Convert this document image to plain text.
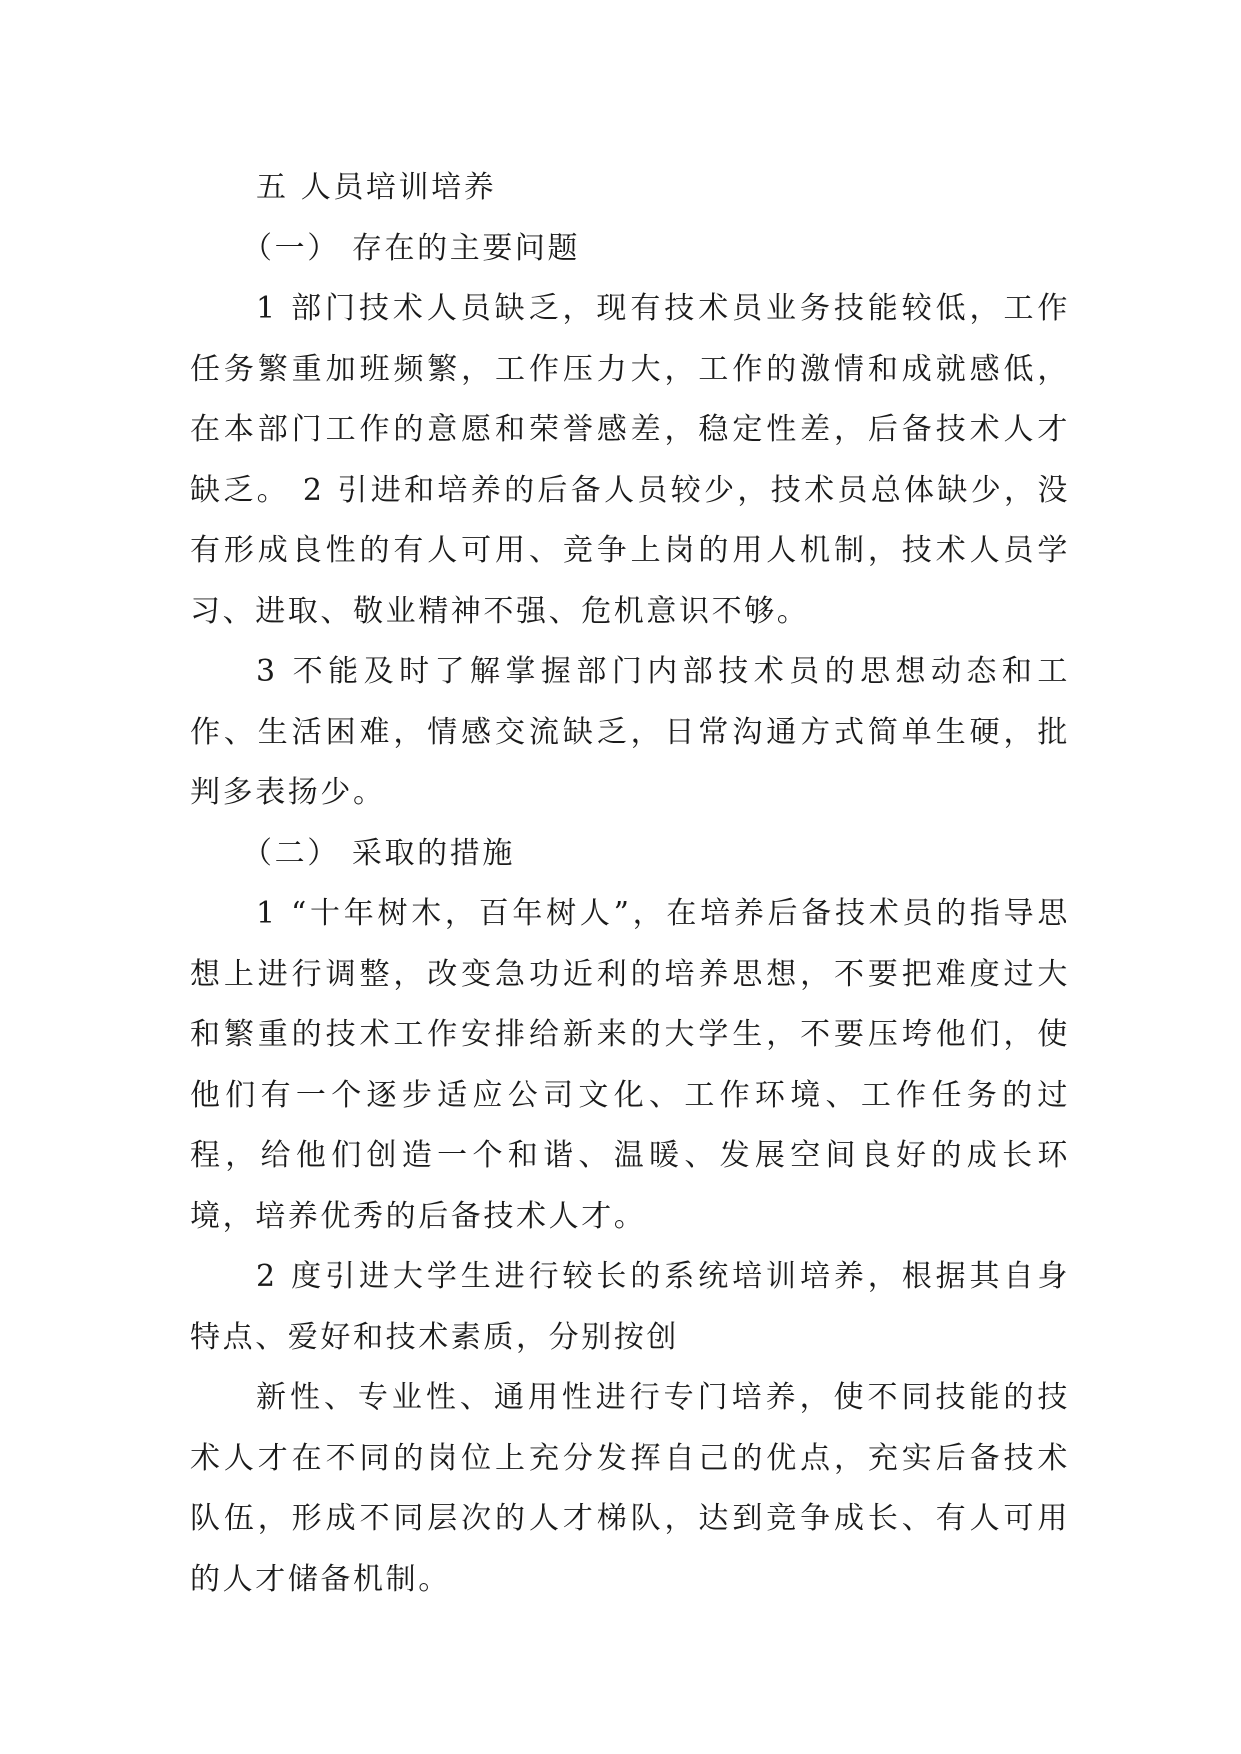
五 人员培训培养

（一） 存在的主要问题

1 部门技术人员缺乏，现有技术员业务技能较低，工作任务繁重加班频繁，工作压力大，工作的激情和成就感低，在本部门工作的意愿和荣誉感差，稳定性差，后备技术人才缺乏。 2 引进和培养的后备人员较少，技术员总体缺少，没有形成良性的有人可用、竞争上岗的用人机制，技术人员学习、进取、敬业精神不强、危机意识不够。

3 不能及时了解掌握部门内部技术员的思想动态和工作、生活困难，情感交流缺乏，日常沟通方式简单生硬，批判多表扬少。

（二） 采取的措施

1 “十年树木，百年树人”，在培养后备技术员的指导思想上进行调整，改变急功近利的培养思想，不要把难度过大和繁重的技术工作安排给新来的大学生，不要压垮他们，使他们有一个逐步适应公司文化、工作环境、工作任务的过程，给他们创造一个和谐、温暖、发展空间良好的成长环境，培养优秀的后备技术人才。

2 度引进大学生进行较长的系统培训培养，根据其自身特点、爱好和技术素质，分别按创

新性、专业性、通用性进行专门培养，使不同技能的技术人才在不同的岗位上充分发挥自己的优点，充实后备技术队伍，形成不同层次的人才梯队，达到竞争成长、有人可用的人才储备机制。
